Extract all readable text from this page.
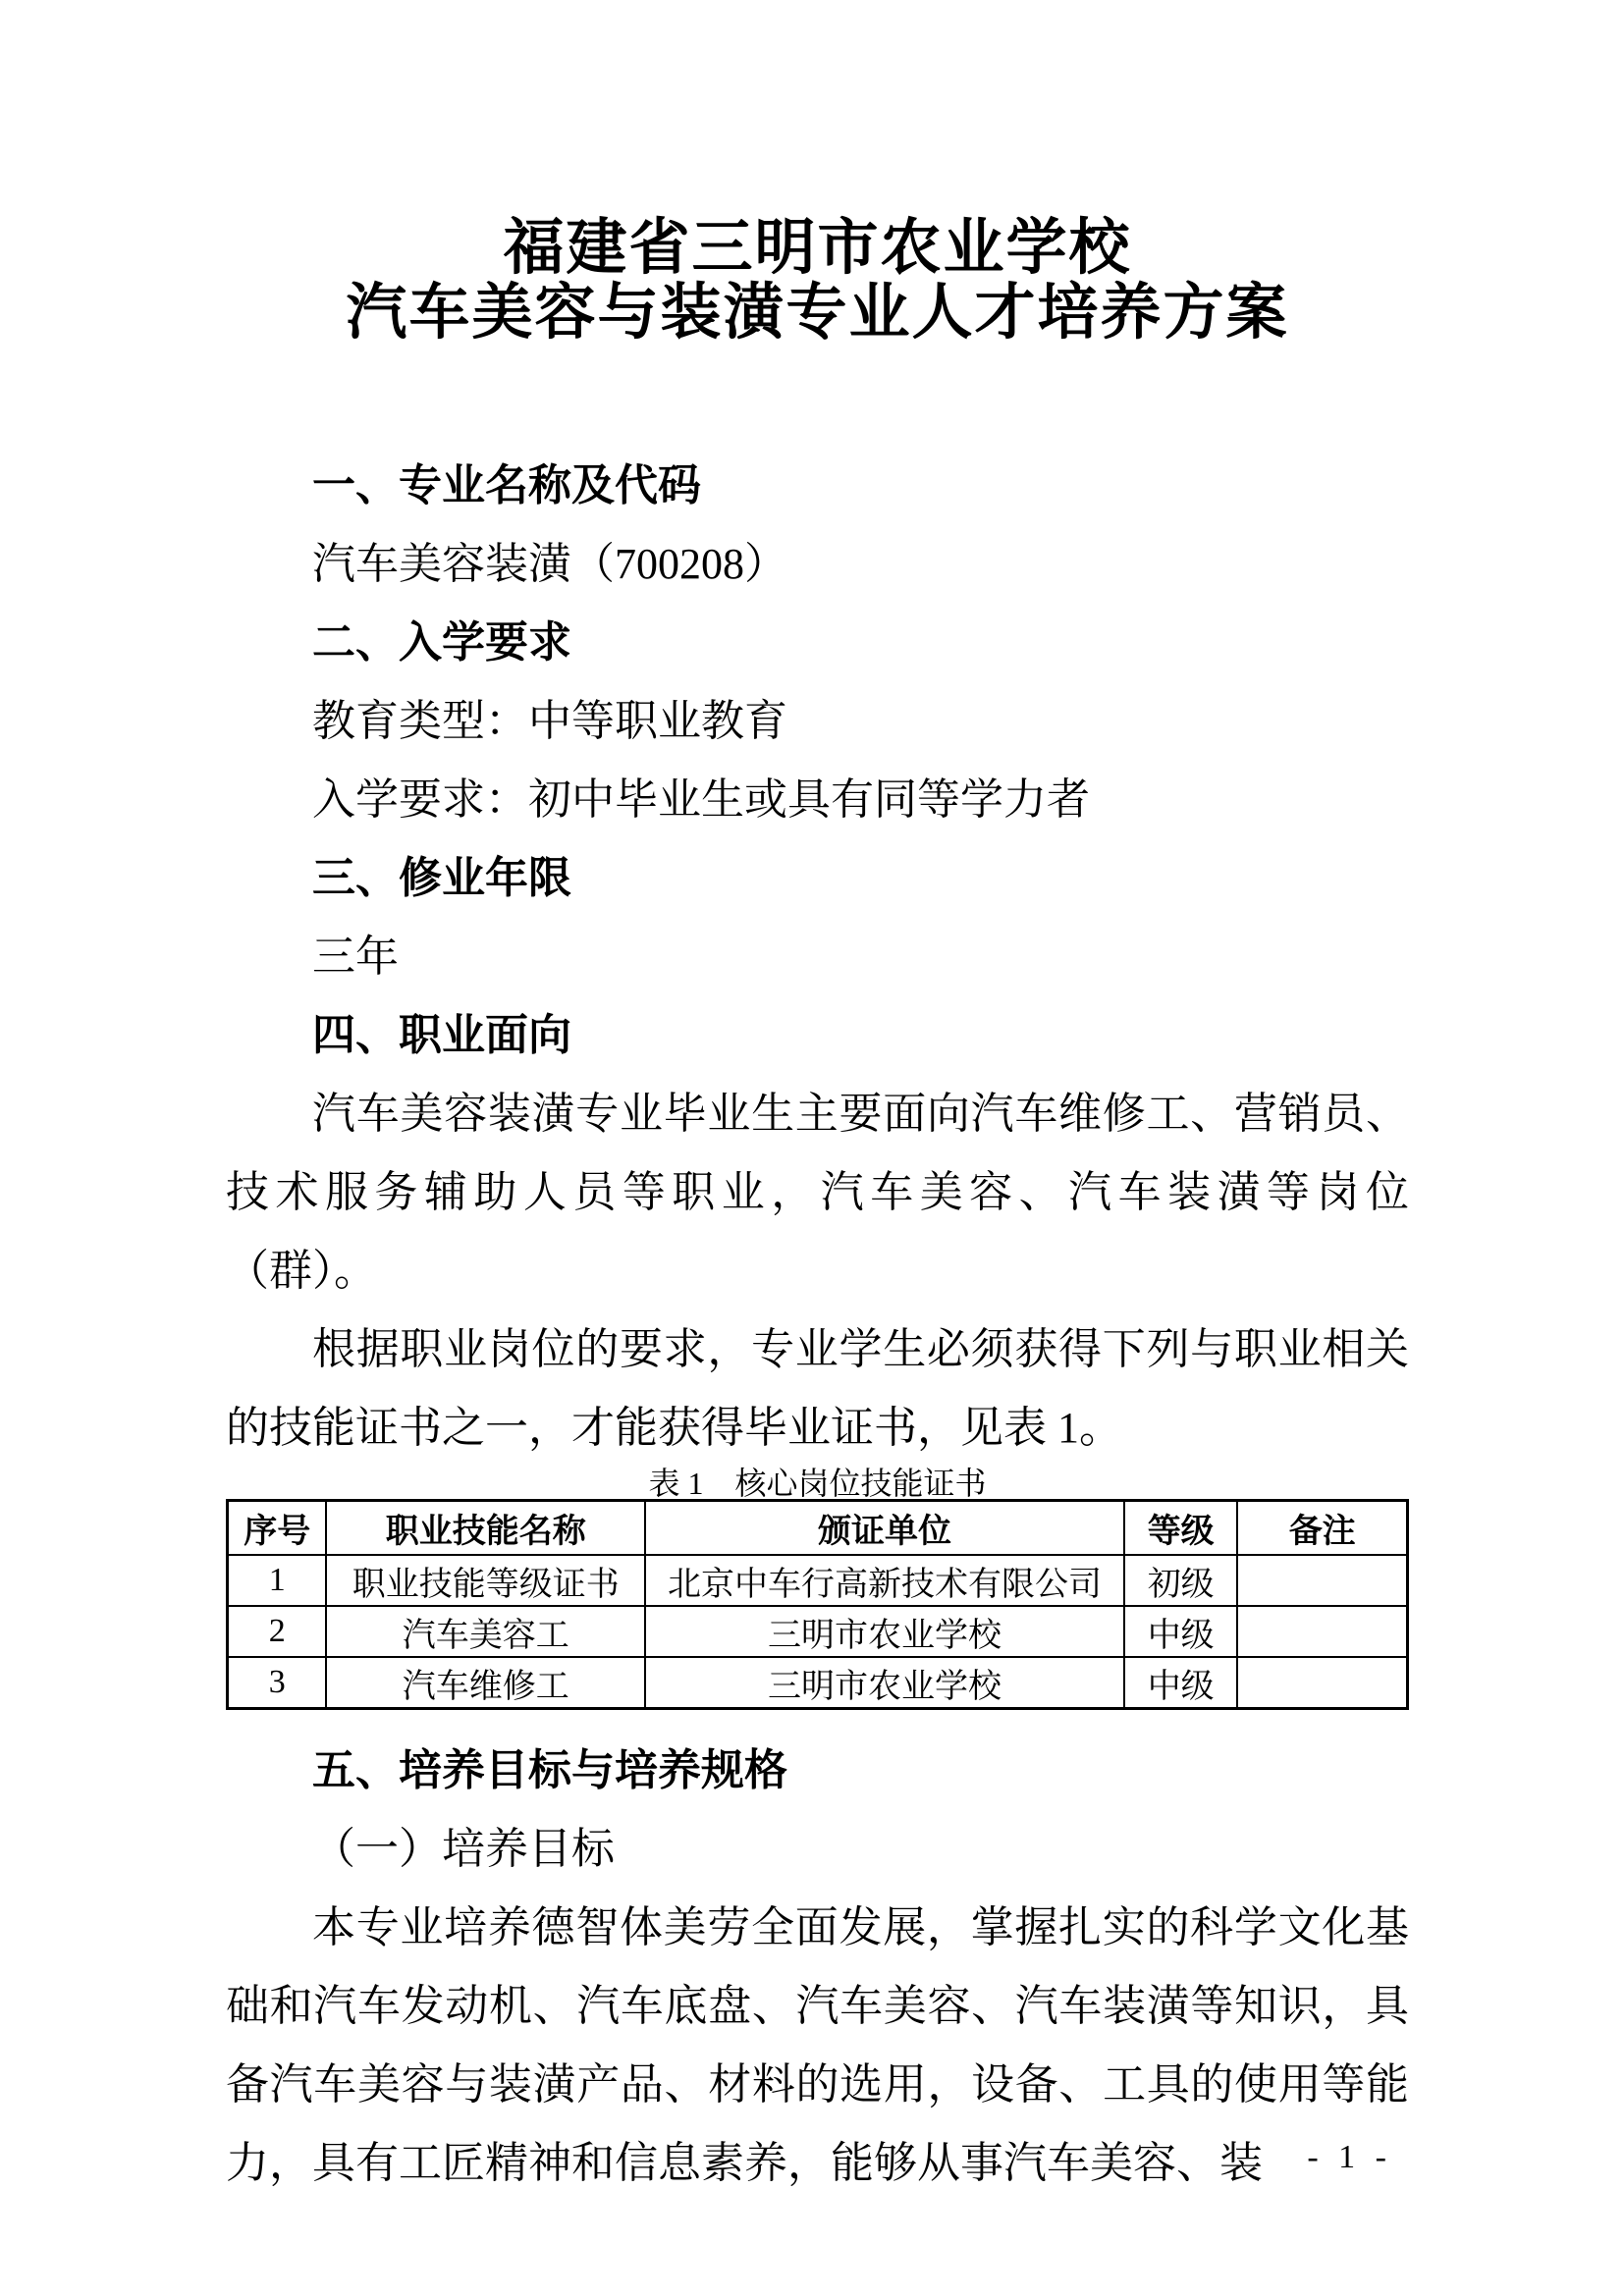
福建省三明市农业学校
汽车美容与装潢专业人才培养方案
一、专业名称及代码
汽车美容装潢（700208）
二、入学要求
教育类型：中等职业教育
入学要求：初中毕业生或具有同等学力者
三、修业年限
三年
四、职业面向

汽车美容装潢专业毕业生主要面向汽车维修工、营销员、技术服务辅助人员等职业，汽车美容、汽车装潢等岗位（群）。

根据职业岗位的要求，专业学生必须获得下列与职业相关的技能证书之一，才能获得毕业证书，见表 1。

表 1　核心岗位技能证书

序号	职业技能名称	颁证单位	等级	备注
1	职业技能等级证书	北京中车行高新技术有限公司	初级	
2	汽车美容工	三明市农业学校	中级	
3	汽车维修工	三明市农业学校	中级	
五、培养目标与培养规格
（一）培养目标

本专业培养德智体美劳全面发展，掌握扎实的科学文化基础和汽车发动机、汽车底盘、汽车美容、汽车装潢等知识，具备汽车美容与装潢产品、材料的选用，设备、工具的使用等能力，具有工匠精神和信息素养，能够从事汽车美容、装	- 1 -
